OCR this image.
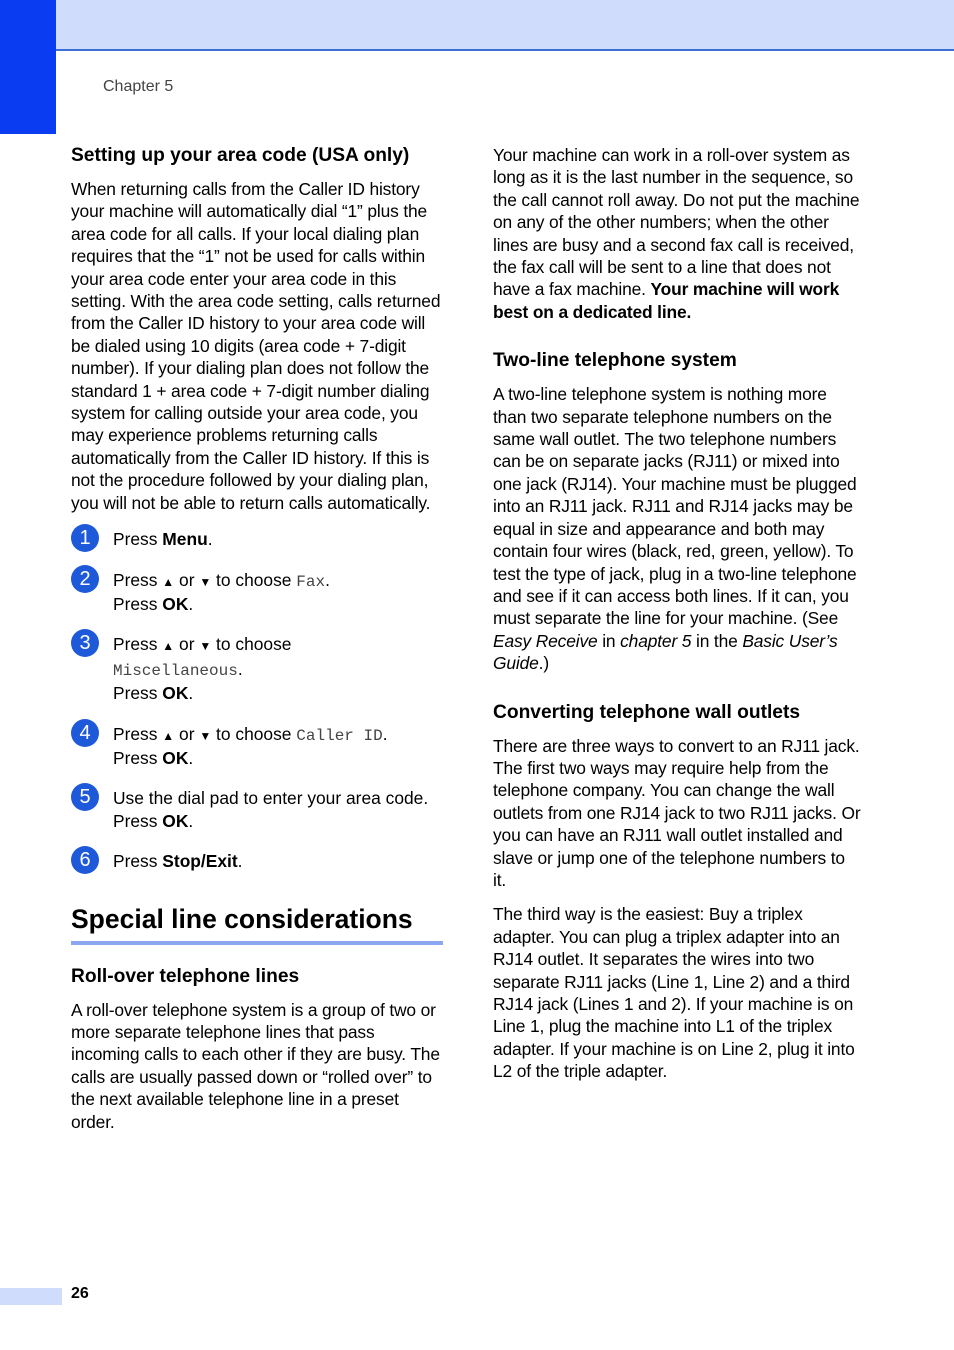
Chapter 5
Setting up your area code (USA only)

When returning calls from the Caller ID history your machine will automatically dial “1” plus the area code for all calls. If your local dialing plan requires that the “1” not be used for calls within your area code enter your area code in this setting. With the area code setting, calls returned from the Caller ID history to your area code will be dialed using 10 digits (area code + 7-digit number). If your dialing plan does not follow the standard 1 + area code + 7-digit number dialing system for calling outside your area code, you may experience problems returning calls automatically from the Caller ID history. If this is not the procedure followed by your dialing plan, you will not be able to return calls automatically.

1	Press Menu.
2	Press ▲ or ▼ to choose Fax.
Press OK.
3	Press ▲ or ▼ to choose
Miscellaneous.
Press OK.
4	Press ▲ or ▼ to choose Caller ID.
Press OK.
5	Use the dial pad to enter your area code.
Press OK.
6	Press Stop/Exit.
Special line considerations
Roll-over telephone lines

A roll-over telephone system is a group of two or more separate telephone lines that pass incoming calls to each other if they are busy. The calls are usually passed down or “rolled over” to the next available telephone line in a preset order.

Your machine can work in a roll-over system as long as it is the last number in the sequence, so the call cannot roll away. Do not put the machine on any of the other numbers; when the other lines are busy and a second fax call is received, the fax call will be sent to a line that does not have a fax machine. Your machine will work best on a dedicated line.

Two-line telephone system

A two-line telephone system is nothing more than two separate telephone numbers on the same wall outlet. The two telephone numbers can be on separate jacks (RJ11) or mixed into one jack (RJ14). Your machine must be plugged into an RJ11 jack. RJ11 and RJ14 jacks may be equal in size and appearance and both may contain four wires (black, red, green, yellow). To test the type of jack, plug in a two-line telephone and see if it can access both lines. If it can, you must separate the line for your machine. (See Easy Receive in chapter 5 in the Basic User’s Guide.)

Converting telephone wall outlets

There are three ways to convert to an RJ11 jack. The first two ways may require help from the telephone company. You can change the wall outlets from one RJ14 jack to two RJ11 jacks. Or you can have an RJ11 wall outlet installed and slave or jump one of the telephone numbers to it.

The third way is the easiest: Buy a triplex adapter. You can plug a triplex adapter into an RJ14 outlet. It separates the wires into two separate RJ11 jacks (Line 1, Line 2) and a third RJ14 jack (Lines 1 and 2). If your machine is on Line 1, plug the machine into L1 of the triplex adapter. If your machine is on Line 2, plug it into L2 of the triple adapter.

26
